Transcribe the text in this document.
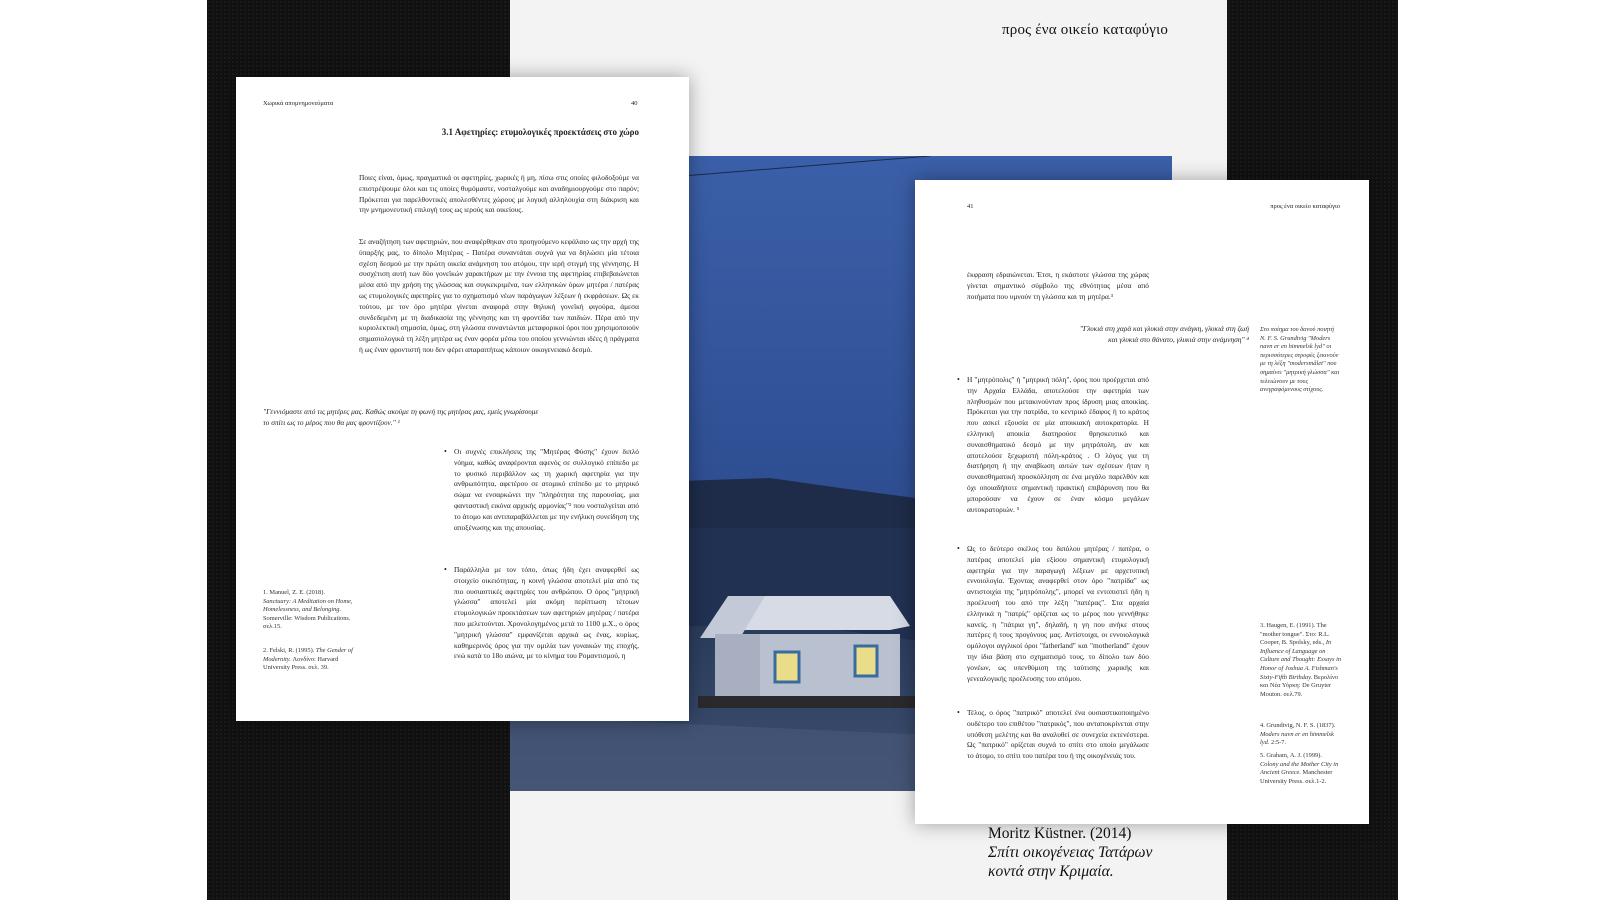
προς ένα οικείο καταφύγιο
Moritz Küstner. (2014)
Σπίτι οικογένειας Τατάρων
κοντά στην Κριμαία.
Χωρικά απομνημονεύματα	40
3.1 Αφετηρίες: ετυμολογικές προεκτάσεις στο χώρο
Ποιες είναι, όμως, πραγματικά οι αφετηρίες, χωρικές ή μη, πίσω στις οποίες φιλοδοξούμε να επιστρέψουμε όλοι και τις οποίες θυμόμαστε, νοσταλγούμε και αναδημιουργούμε στο παρόν; Πρόκειται για παρελθοντικές απολεσθέντες χώρους με λογική αλληλουχία στη διάκριση και την μνημονευτική επιλογή τους ως ιερούς και οικείους.
Σε αναζήτηση των αφετηριών, που αναφέρθηκαν στο προηγούμενο κεφάλαιο ως την αρχή της ύπαρξής μας, το δίπολο Μητέρας - Πατέρα συναντάται συχνά για να δηλώσει μία τέτοια σχέση δεσμού με την πρώτη οικεία ανάμνηση του ατόμου, την ιερή στιγμή της γέννησης. Η συσχέτιση αυτή των δύο γονεϊκών χαρακτήρων με την έννοια της αφετηρίας επιβεβαιώνεται μέσα από την χρήση της γλώσσας και συγκεκριμένα, των ελληνικών όρων μητέρα / πατέρας ως ετυμολογικές αφετηρίες για το σχηματισμό νέων παράγωγων λέξεων ή εκφράσεων. Ως εκ τούτου, με τον όρο μητέρα γίνεται αναφορά στην θηλυκή γονεϊκή φιγούρα, άμεσα συνδεδεμένη με τη διαδικασία της γέννησης και τη φροντίδα των παιδιών. Πέρα από την κυριολεκτική σημασία, όμως, στη γλώσσα συναντώνται μεταφορικοί όροι που χρησιμοποιούν σημασιολογικά τη λέξη μητέρα ως έναν φορέα μέσω του οποίου γεννιώνται ιδέες ή πράγματα ή ως έναν φροντιστή που δεν φέρει απαραιτήτως κάποιον οικογενειακό δεσμό.
"Γεννιόμαστε από τις μητέρες μας. Καθώς ακούμε τη φωνή της μητέρας μας, εμείς γνωρίσουμε το σπίτι ως το μέρος που θα μας φροντίζουν." ¹
• Οι συχνές επικλήσεις της "Μητέρας Φύσης" έχουν διπλό νόημα, καθώς αναφέρονται αφενός σε συλλογικό επίπεδο με το φυσικό περιβάλλον ως τη χωρική αφετηρία για την ανθρωπότητα, αφετέρου σε ατομικό επίπεδο με το μητρικό σώμα να ενσαρκώνει την "πληρότητα της παρουσίας, μια φανταστική εικόνα αρχικής αρμονίας"² που νοσταλγείται από το άτομο και αντιπαραβάλλεται με την ενήλικη συνείδηση της αποξένωσης και της απουσίας.
• Παράλληλα με τον τόπο, όπως ήδη έχει αναφερθεί ως στοιχείο οικειότητας, η κοινή γλώσσα αποτελεί μία από τις πιο ουσιαστικές αφετηρίες του ανθρώπου. Ο όρος "μητρική γλώσσα" αποτελεί μία ακόμη περίπτωση τέτοιων ετυμολογικών προεκτάσεων των αφετηριών μητέρας / πατέρα που μελετούνται. Χρονολογημένος μετά το 1100 μ.Χ., ο όρος "μητρική γλώσσα" εμφανίζεται αρχικά ως ένας, κυρίως, καθημερινός όρος για την ομιλία των γυναικών της εποχής, ενώ κατά το 18ο αιώνα, με το κίνημα του Ρομαντισμού, η
1. Manuel, Z. E. (2018). Sanctuary: A Meditation on Home, Homelessness, and Belonging. Somerville: Wisdom Publications. σελ.15.
2. Felski, R. (1995). The Gender of Modernity. Λονδίνο: Harvard University Press. σελ. 39.
41	προς ένα οικείο καταφύγιο
έκφραση εδραιώνεται. Έτσι, η εκάστοτε γλώσσα της χώρας γίνεται σημαντικό σύμβολο της εθνότητας μέσα από ποιήματα που υμνούν τη γλώσσα και τη μητέρα.³
"Γλυκιά στη χαρά και γλυκιά στην ανάγκη, γλυκιά στη ζωή και γλυκιά στο θάνατο, γλυκιά στην ανάμνηση" ⁴
Στο ποίημα του δανού ποιητή N. F. S. Grundtvig "Moders navn er en himmelsk lyd" οι περισσότερες στροφές ξεκινούν με τη λέξη "modersmålet" που σημαίνει "μητρική γλώσσα" και τελειώνουν με τους ανεγραφόμενους στίχους.
• Η "μητρόπολις" ή "μητρική πόλη", όρος που προέρχεται από την Αρχαία Ελλάδα, αποτελούσε την αφετηρία των πληθυσμών που μετακινούνταν προς ίδρυση μιας αποικίας. Πρόκειται για την πατρίδα, το κεντρικό έδαφος ή το κράτος που ασκεί εξουσία σε μία αποικιακή αυτοκρατορία. Η ελληνική αποικία διατηρούσε θρησκευτικό και συναισθηματικό δεσμό με την μητρόπολη, αν και αποτελούσε ξεχωριστή πόλη-κράτος . Ο λόγος για τη διατήρηση ή την αναβίωση αυτών των σχέσεων ήταν η συναισθηματική προσκόλληση σε ένα μεγάλο παρελθόν και όχι οποιαδήποτε σημαντική πρακτική επιβάρυνση που θα μπορούσαν να έχουν σε έναν κόσμο μεγάλων αυτοκρατοριών. ⁵
• Ως το δεύτερο σκέλος του διπόλου μητέρας / πατέρα, ο πατέρας αποτελεί μία εξίσου σημαντική ετυμολογική αφετηρία για την παραγωγή λέξεων με αρχετυπική εννοιολογία. Έχοντας αναφερθεί στον όρο "πατρίδα" ως αντιστοιχία της "μητρόπολης", μπορεί να εντοπιστεί ήδη η προέλευσή του από την λέξη "πατέρας". Στα αρχαία ελληνικά η "πατρίς" ορίζεται ως το μέρος που γεννήθηκε κανείς, η "πάτρια γη", δηλαδή, η γη που ανήκε στους πατέρες ή τους προγόνους μας. Αντίστοιχα, οι εννοιολογικά ομόλογοι αγγλικοί όροι "fatherland" και "motherland" έχουν την ίδια βάση στο σχηματισμό τους, το δίπολο των δύο γονέων, ως υπενθύμιση της ταύτισης χωρικής και γενεαλογικής προέλευσης του ατόμου.
• Τέλος, ο όρος "πατρικό" αποτελεί ένα ουσιαστικοποιημένο ουδέτερο του επιθέτου "πατρικός", που ανταποκρίνεται στην υπόθεση μελέτης και θα αναλυθεί σε συνεχεία εκτενέστερα. Ως "πατρικό" ορίζεται συχνά το σπίτι στο οποίο μεγάλωσε το άτομο, το σπίτι του πατέρα του ή της οικογένειάς του.
3. Haugen, E. (1991). The "mother tongue". Στο: R.L. Cooper, B. Spolsky, eds., In Influence of Language on Culture and Thought: Essays in Honor of Joshua A. Fishman's Sixty-Fifth Birthday. Βερολίνο και Νέα Υόρκη: De Gruyter Mouton. σελ.79.
4. Grundtvig, N. F. S. (1837). Moders navn er en himmelsk lyd. 2:5-7.
5. Graham, A. J. (1999). Colony and the Mother City in Ancient Greece. Manchester University Press. σελ.1-2.
